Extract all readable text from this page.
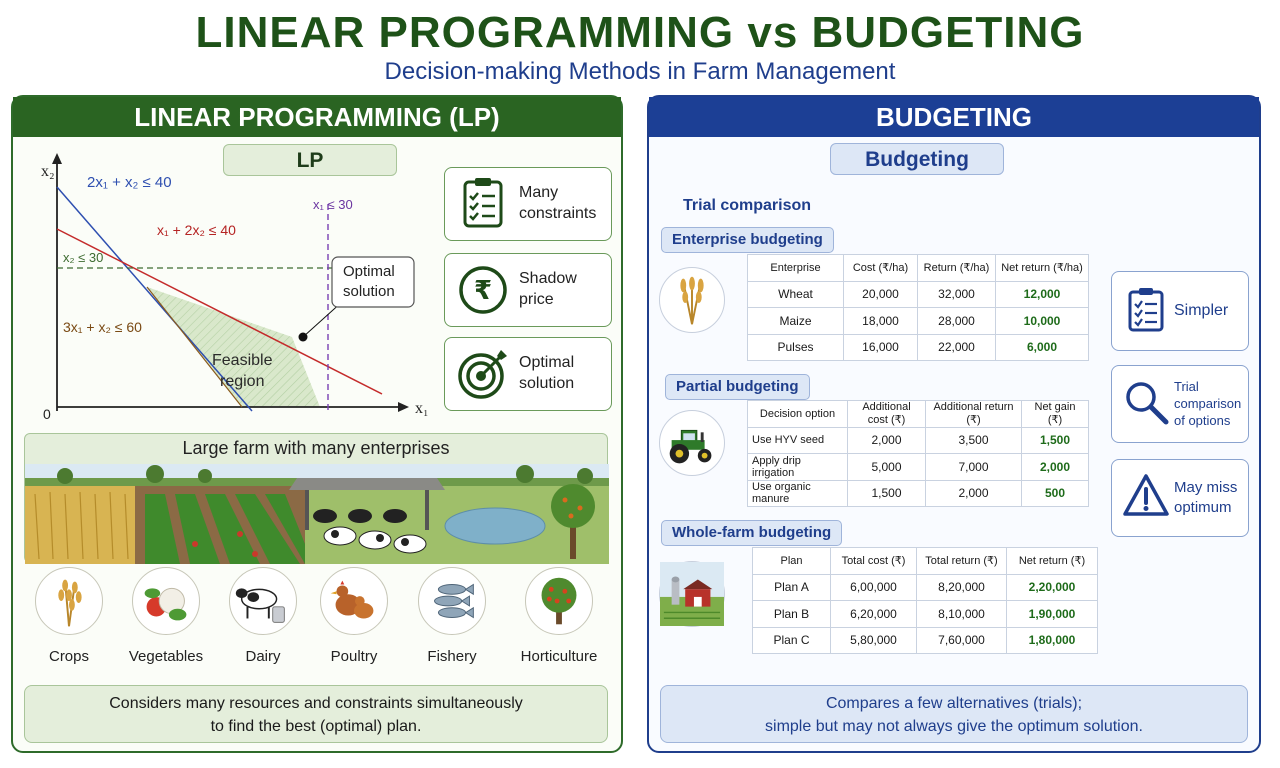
LINEAR PROGRAMMING vs BUDGETING
Decision-making Methods in Farm Management
LINEAR PROGRAMMING (LP)
LP
x₂
x₁
0
2x₁ + x₂ ≤ 40
x₁ + 2x₂ ≤ 40
x₂ ≤ 30
3x₁ + x₂ ≤ 60
x₁ ≤ 30
Feasible
region
Optimal
solution
Many
constraints
₹ Shadow
price
Optimal
solution
Large farm with many enterprises
Crops	Vegetables	Dairy	Poultry	Fishery	Horticulture
Considers many resources and constraints simultaneously
to find the best (optimal) plan.
BUDGETING
Budgeting
Trial comparison
Enterprise budgeting
Enterprise	Cost (₹/ha)	Return (₹/ha)	Net return (₹/ha)
Wheat	20,000	32,000	12,000
Maize	18,000	28,000	10,000
Pulses	16,000	22,000	6,000
Partial budgeting
Decision option	Additional cost (₹)	Additional return (₹)	Net gain (₹)
Use HYV seed	2,000	3,500	1,500
Apply drip irrigation	5,000	7,000	2,000
Use organic manure	1,500	2,000	500
Whole-farm budgeting
Plan	Total cost (₹)	Total return (₹)	Net return (₹)
Plan A	6,00,000	8,20,000	2,20,000
Plan B	6,20,000	8,10,000	1,90,000
Plan C	5,80,000	7,60,000	1,80,000
Simpler
Trial
comparison
of options
May miss
optimum
Compares a few alternatives (trials);
simple but may not always give the optimum solution.
